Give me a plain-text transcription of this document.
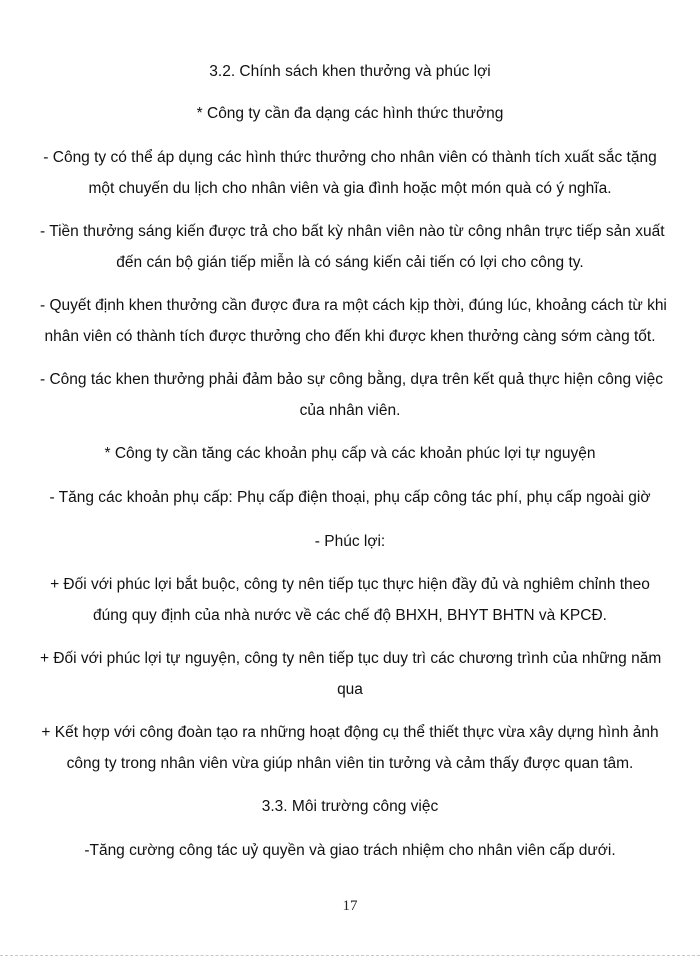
3.2. Chính sách khen thưởng và phúc lợi
* Công ty cần đa dạng các hình thức thưởng
- Công ty có thể áp dụng các hình thức thưởng cho nhân viên có thành tích xuất sắc tặng
một chuyến du lịch cho nhân viên và gia đình hoặc một món quà có ý nghĩa.
- Tiền thưởng sáng kiến được trả cho bất kỳ nhân viên nào từ công nhân trực tiếp sản xuất
đến cán bộ gián tiếp miễn là có sáng kiến cải tiến có lợi cho công ty.
- Quyết định khen thưởng cần được đưa ra một cách kịp thời, đúng lúc, khoảng cách từ khi
nhân viên có thành tích được thưởng cho đến khi được khen thưởng càng sớm càng tốt.
- Công tác khen thưởng phải đảm bảo sự công bằng, dựa trên kết quả thực hiện công việc
của nhân viên.
* Công ty cần tăng các khoản phụ cấp và các khoản phúc lợi tự nguyện
- Tăng các khoản phụ cấp: Phụ cấp điện thoại, phụ cấp công tác phí, phụ cấp ngoài giờ
- Phúc lợi:
+ Đối với phúc lợi bắt buộc, công ty nên tiếp tục thực hiện đầy đủ và nghiêm chỉnh theo
đúng quy định của nhà nước về các chế độ BHXH, BHYT BHTN và KPCĐ.
+ Đối với phúc lợi tự nguyện, công ty nên tiếp tục duy trì các chương trình của những năm
qua
+ Kết hợp với công đoàn tạo ra những hoạt động cụ thể thiết thực vừa xây dựng hình ảnh
công ty trong nhân viên vừa giúp nhân viên tin tưởng và cảm thấy được quan tâm.
3.3. Môi trường công việc
-Tăng cường công tác uỷ quyền và giao trách nhiệm cho nhân viên cấp dưới.
17
